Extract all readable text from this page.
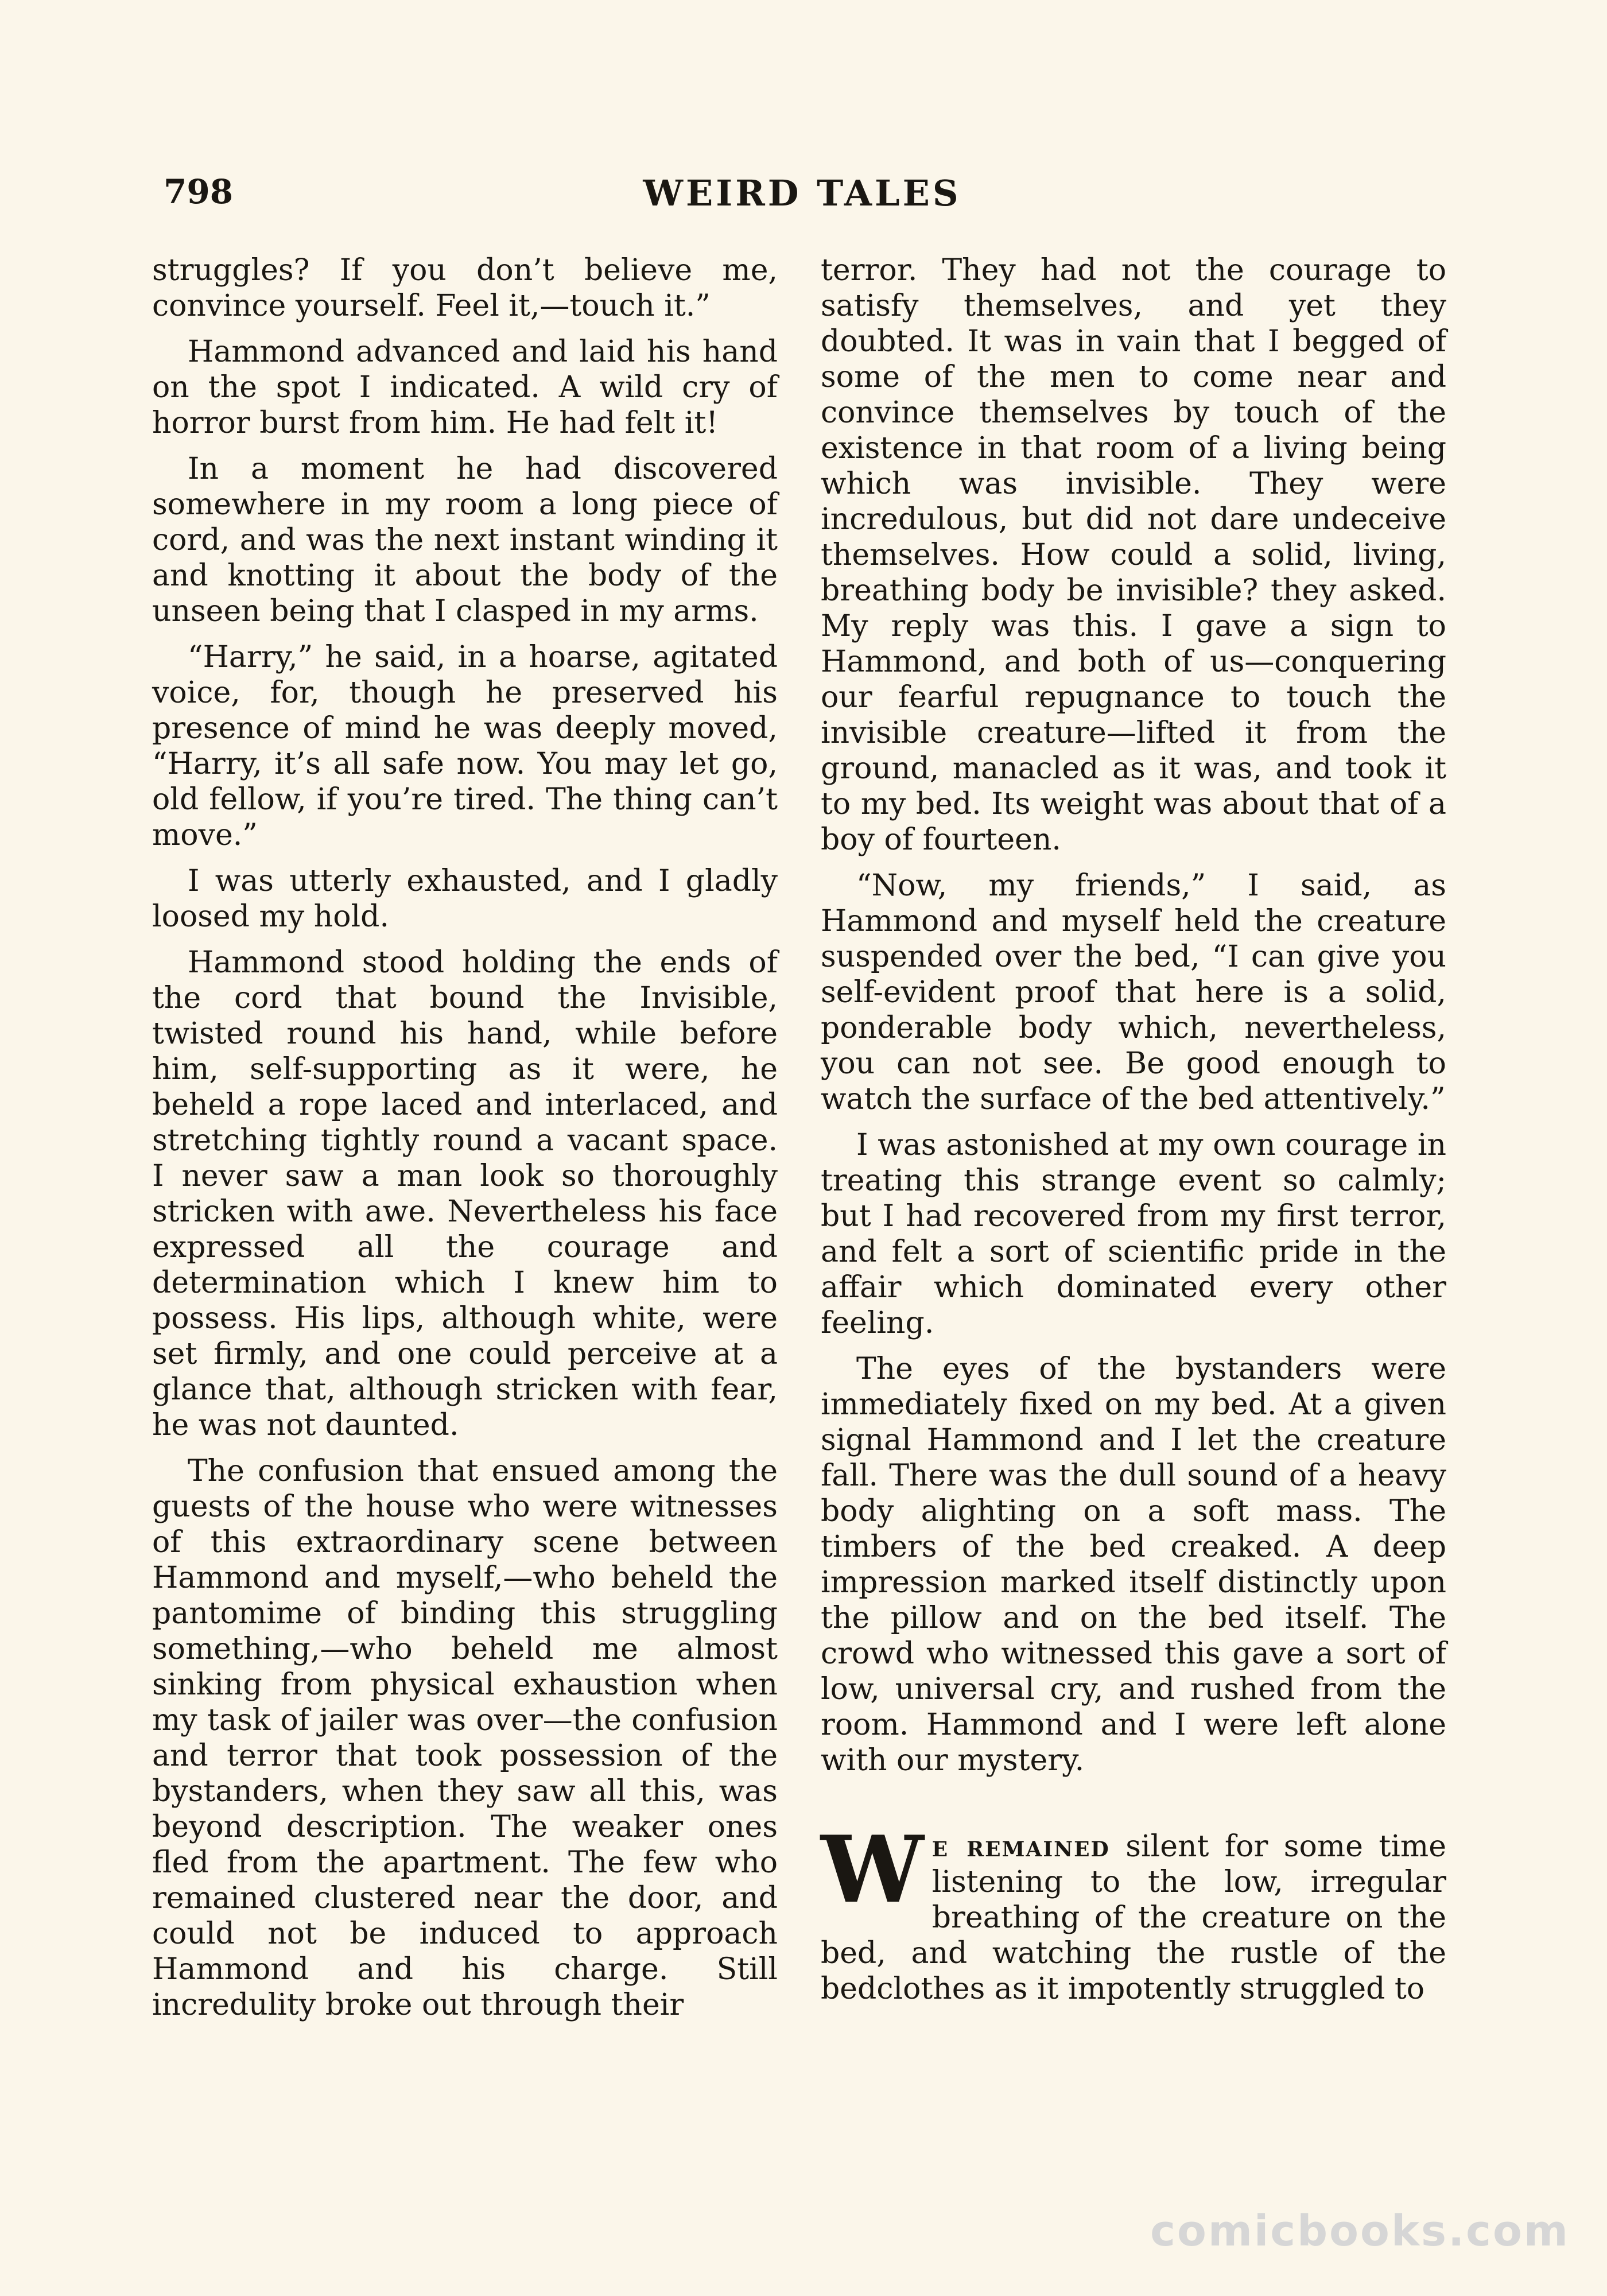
798	WEIRD TALES

struggles? If you don’t believe me, convince yourself. Feel it,—touch it.”

Hammond advanced and laid his hand on the spot I indicated. A wild cry of horror burst from him. He had felt it!

In a moment he had discovered somewhere in my room a long piece of cord, and was the next instant winding it and knotting it about the body of the unseen being that I clasped in my arms.

“Harry,” he said, in a hoarse, agitated voice, for, though he preserved his presence of mind he was deeply moved, “Harry, it’s all safe now. You may let go, old fellow, if you’re tired. The thing can’t move.”

I was utterly exhausted, and I gladly loosed my hold.

Hammond stood holding the ends of the cord that bound the Invisible, twisted round his hand, while before him, self-supporting as it were, he beheld a rope laced and interlaced, and stretching tightly round a vacant space. I never saw a man look so thoroughly stricken with awe. Nevertheless his face expressed all the courage and determination which I knew him to possess. His lips, although white, were set firmly, and one could perceive at a glance that, although stricken with fear, he was not daunted.

The confusion that ensued among the guests of the house who were witnesses of this extraordinary scene between Hammond and myself,—who beheld the pantomime of binding this struggling something,—who beheld me almost sinking from physical exhaustion when my task of jailer was over—the confusion and terror that took possession of the bystanders, when they saw all this, was beyond description. The weaker ones fled from the apartment. The few who remained clustered near the door, and could not be induced to approach Hammond and his charge. Still incredulity broke out through their

terror. They had not the courage to satisfy themselves, and yet they doubted. It was in vain that I begged of some of the men to come near and convince themselves by touch of the existence in that room of a living being which was invisible. They were incredulous, but did not dare undeceive themselves. How could a solid, living, breathing body be invisible? they asked. My reply was this. I gave a sign to Hammond, and both of us—conquering our fearful repugnance to touch the invisible creature—lifted it from the ground, manacled as it was, and took it to my bed. Its weight was about that of a boy of fourteen.

“Now, my friends,” I said, as Hammond and myself held the creature suspended over the bed, “I can give you self-evident proof that here is a solid, ponderable body which, nevertheless, you can not see. Be good enough to watch the surface of the bed attentively.”

I was astonished at my own courage in treating this strange event so calmly; but I had recovered from my first terror, and felt a sort of scientific pride in the affair which dominated every other feeling.

The eyes of the bystanders were immediately fixed on my bed. At a given signal Hammond and I let the creature fall. There was the dull sound of a heavy body alighting on a soft mass. The timbers of the bed creaked. A deep impression marked itself distinctly upon the pillow and on the bed itself. The crowd who witnessed this gave a sort of low, universal cry, and rushed from the room. Hammond and I were left alone with our mystery.

We remained silent for some time listening to the low, irregular breathing of the creature on the bed, and watching the rustle of the bedclothes as it impotently struggled to

comicbooks.com
